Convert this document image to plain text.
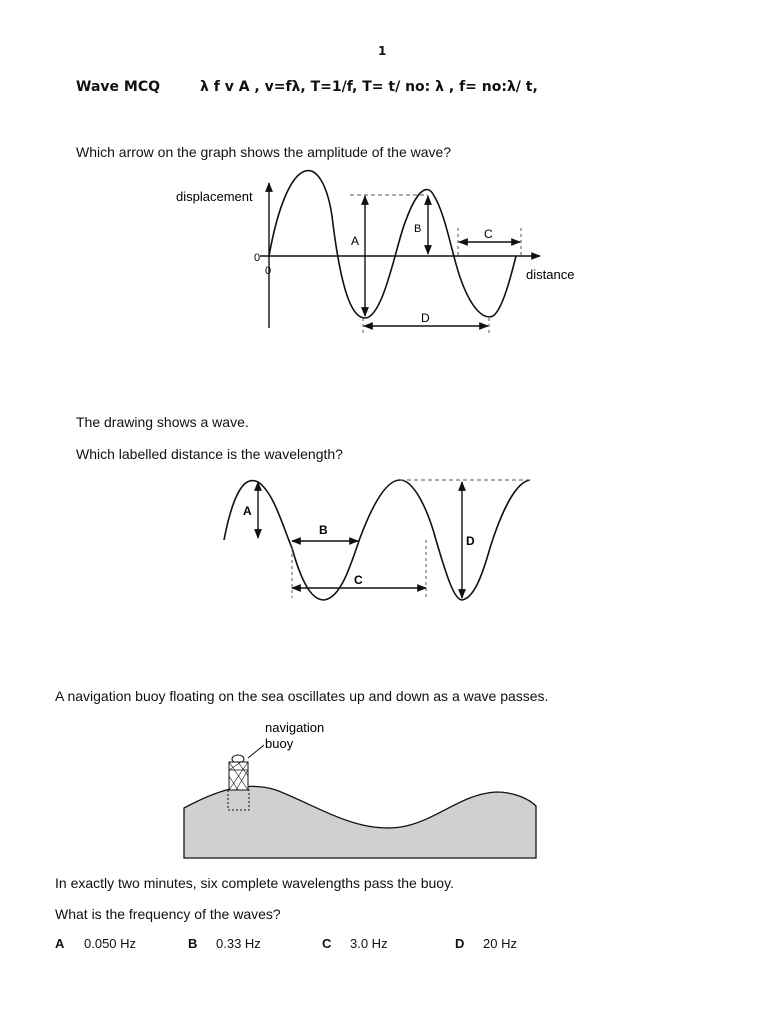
1
Wave MCQ	λ f v A , v=fλ, T=1/f, T= t/ no: λ , f= no:λ/ t,
Which arrow on the graph shows the amplitude of the wave?
displacement
distance
0
0
A
B	C
D
The drawing shows a wave.
Which labelled distance is the wavelength?
A
B
C
D
A navigation buoy floating on the sea oscillates up and down as a wave passes.
navigation
buoy
In exactly two minutes, six complete wavelengths pass the buoy.
What is the frequency of the waves?
A 0.050 Hz	B 0.33 Hz	C 3.0 Hz	D 20 Hz
